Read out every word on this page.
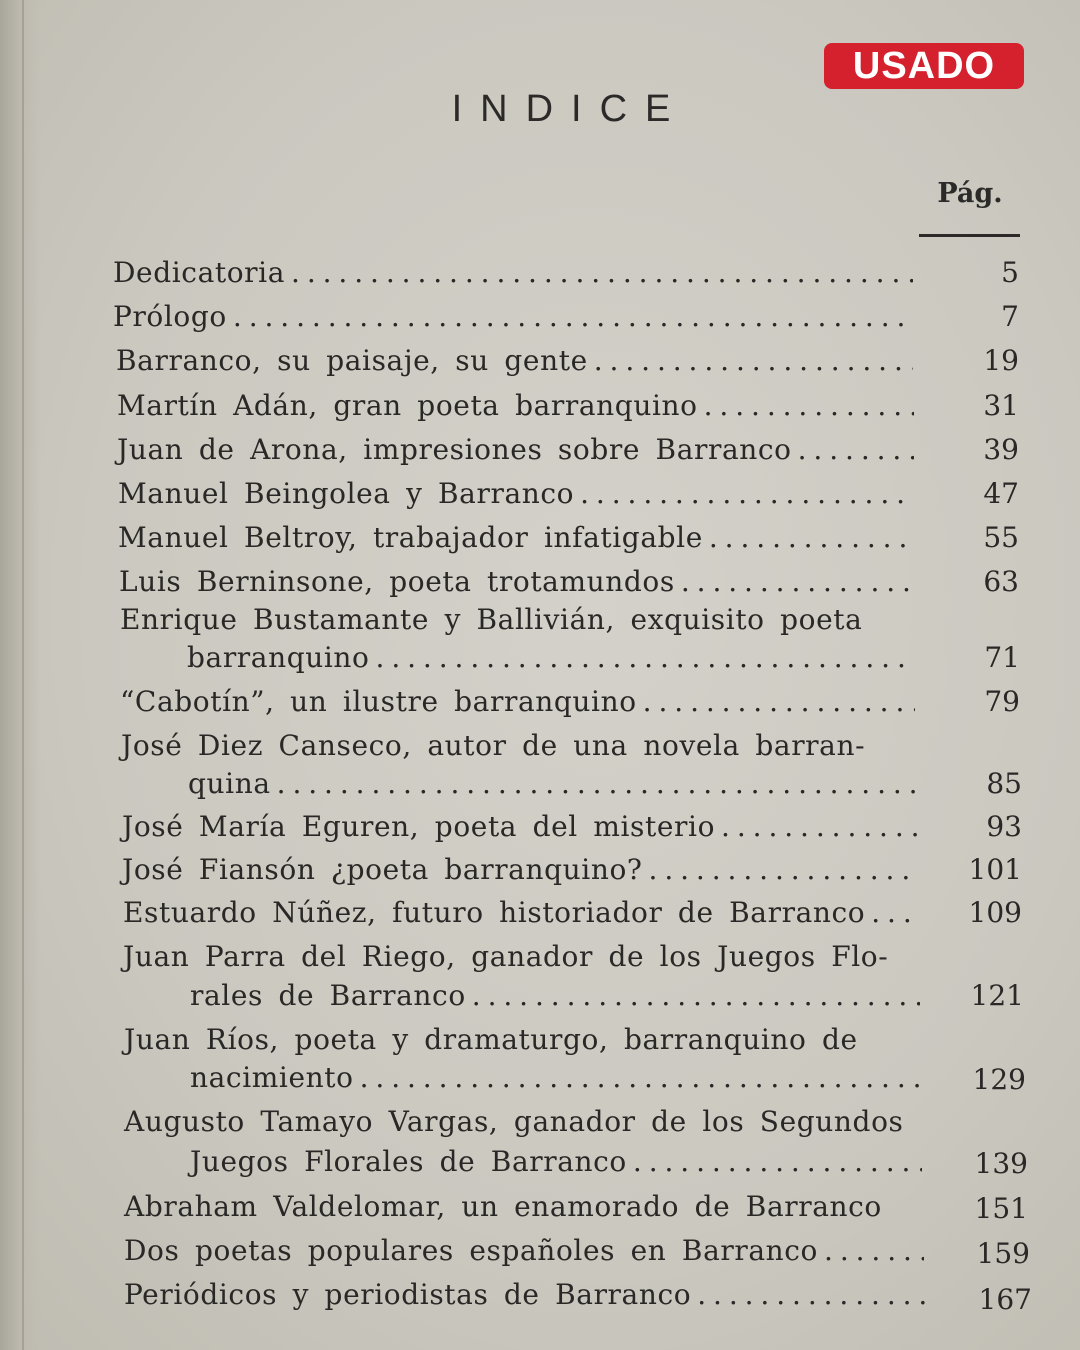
USADO
INDICE
Pág.
Dedicatoria . . .	5
Prólogo . . .	7
Barranco, su paisaje, su gente . . .	19
Martín Adán, gran poeta barranquino . . .	31
Juan de Arona, impresiones sobre Barranco . . .	39
Manuel Beingolea y Barranco . . .	47
Manuel Beltroy, trabajador infatigable . . .	55
Luis Berninsone, poeta trotamundos . . .	63
Enrique Bustamante y Ballivián, exquisito poeta
barranquino . . .	71
“Cabotín”, un ilustre barranquino . . .	79
José Diez Canseco, autor de una novela barran-
quina . . .	85
José María Eguren, poeta del misterio . . .	93
José Fiansón ¿poeta barranquino? . . .	101
Estuardo Núñez, futuro historiador de Barranco . . .	109
Juan Parra del Riego, ganador de los Juegos Flo-
rales de Barranco . . .	121
Juan Ríos, poeta y dramaturgo, barranquino de
nacimiento . . .	129
Augusto Tamayo Vargas, ganador de los Segundos
Juegos Florales de Barranco . . .	139
Abraham Valdelomar, un enamorado de Barranco	151
Dos poetas populares españoles en Barranco . . .	159
Periódicos y periodistas de Barranco . . .	167
